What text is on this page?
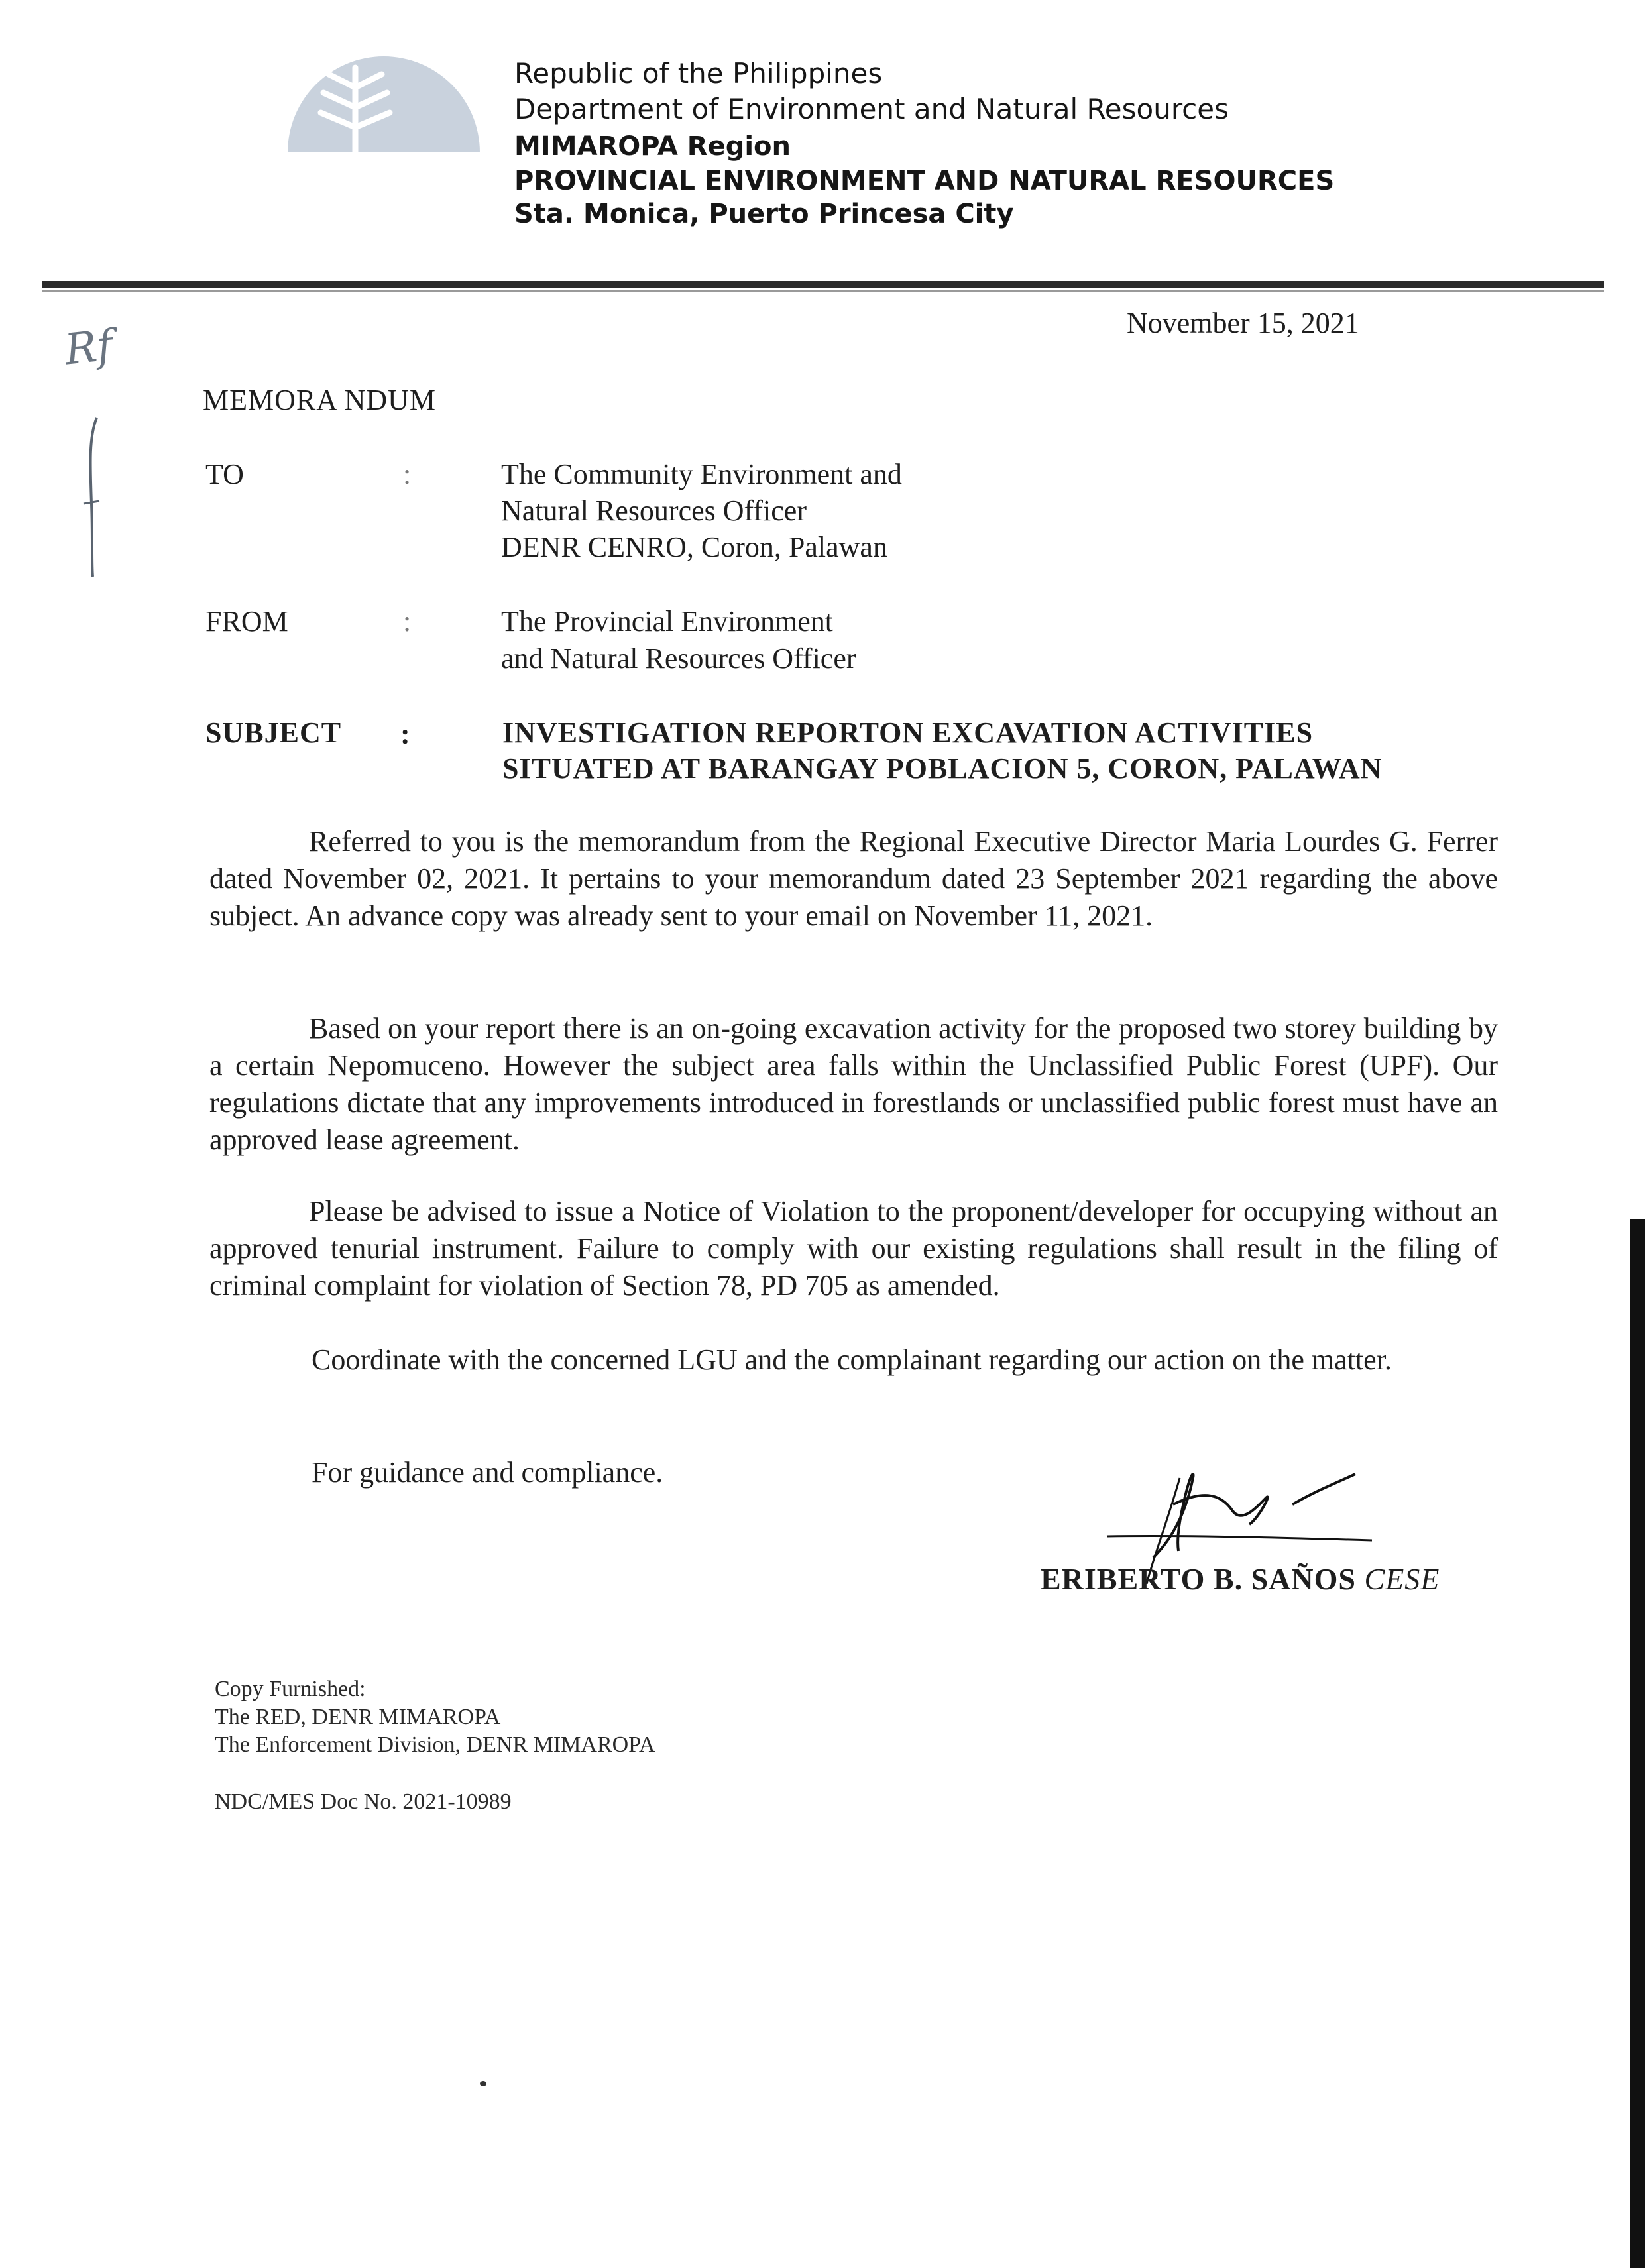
Republic of the Philippines
Department of Environment and Natural Resources
MIMAROPA Region
PROVINCIAL ENVIRONMENT AND NATURAL RESOURCES
Sta. Monica, Puerto Princesa City
November 15, 2021
Rf
MEMORA NDUM
TO	:	The Community Environment and
Natural Resources Officer
DENR CENRO, Coron, Palawan
FROM	:	The Provincial Environment
and Natural Resources Officer
SUBJECT :	INVESTIGATION REPORTON EXCAVATION ACTIVITIES
SITUATED AT BARANGAY POBLACION 5, CORON, PALAWAN
Referred to you is the memorandum from the Regional Executive Director Maria Lourdes G. Ferrer dated November 02, 2021. It pertains to your memorandum dated 23 September 2021 regarding the above subject. An advance copy was already sent to your email on November 11, 2021.
Based on your report there is an on-going excavation activity for the proposed two storey building by a certain Nepomuceno. However the subject area falls within the Unclassified Public Forest (UPF). Our regulations dictate that any improvements introduced in forestlands or unclassified public forest must have an approved lease agreement.
Please be advised to issue a Notice of Violation to the proponent/developer for occupying without an approved tenurial instrument. Failure to comply with our existing regulations shall result in the filing of criminal complaint for violation of Section 78, PD 705 as amended.
Coordinate with the concerned LGU and the complainant regarding our action on the matter.
For guidance and compliance.
ERIBERTO B. SAÑOS CESE
Copy Furnished:
The RED, DENR MIMAROPA
The Enforcement Division, DENR MIMAROPA
NDC/MES Doc No. 2021-10989
